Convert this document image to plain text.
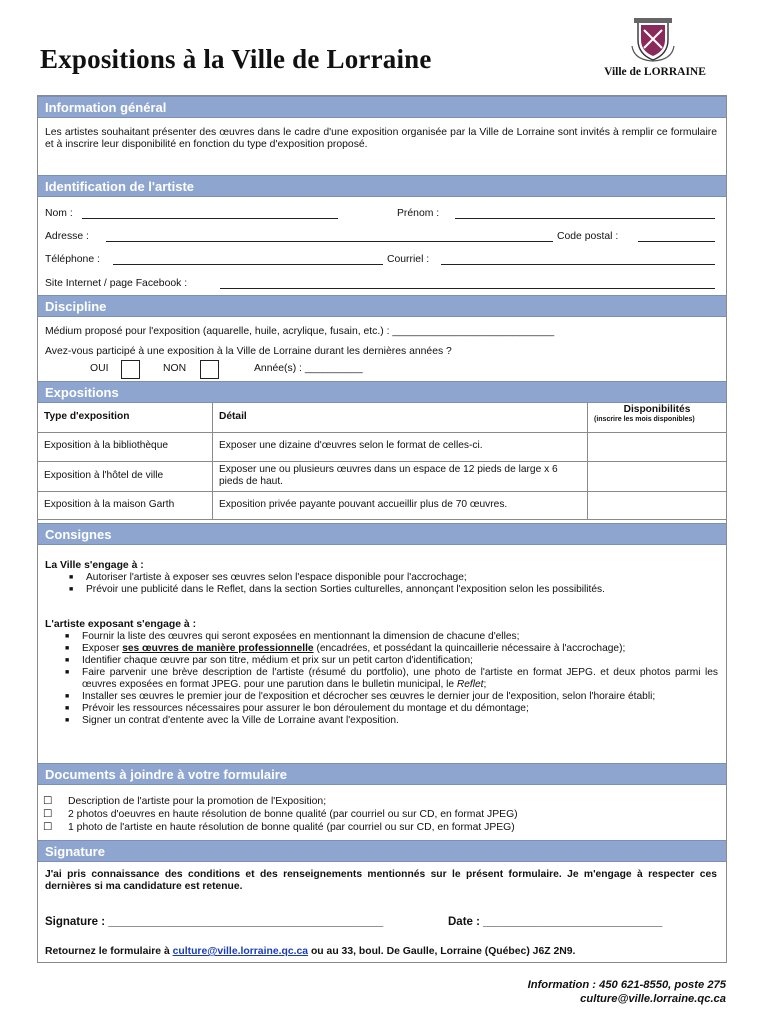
Expositions à la Ville de Lorraine	Ville de LORRAINE
Information général
Les artistes souhaitant présenter des œuvres dans le cadre d'une exposition organisée par la Ville de Lorraine sont invités à remplir ce formulaire et à inscrire leur disponibilité en fonction du type d'exposition proposé.
Identification de l'artiste
Nom :	Prénom :
Adresse :	Code postal :
Téléphone :	Courriel :
Site Internet / page Facebook :
Discipline
Médium proposé pour l'exposition (aquarelle, huile, acrylique, fusain, etc.) : ____________________________
Avez-vous participé à une exposition à la Ville de Lorraine durant les dernières années ?
OUI	NON	Année(s) : __________
Expositions
Type d'exposition	Détail	Disponibilités
(inscrire les mois disponibles)

Exposition à la bibliothèque	Exposer une dizaine d'œuvres selon le format de celles-ci.	
Exposition à l'hôtel de ville	Exposer une ou plusieurs œuvres dans un espace de 12 pieds de large x 6 pieds de haut.	
Exposition à la maison Garth	Exposition privée payante pouvant accueillir plus de 70 œuvres.	
Consignes
La Ville s'engage à :
■ Autoriser l'artiste à exposer ses œuvres selon l'espace disponible pour l'accrochage;
■ Prévoir une publicité dans le Reflet, dans la section Sorties culturelles, annonçant l'exposition selon les possibilités.
L'artiste exposant s'engage à :
■ Fournir la liste des œuvres qui seront exposées en mentionnant la dimension de chacune d'elles;
■ Exposer ses œuvres de manière professionnelle (encadrées, et possédant la quincaillerie nécessaire à l'accrochage);
■ Identifier chaque œuvre par son titre, médium et prix sur un petit carton d'identification;
■ Faire parvenir une brève description de l'artiste (résumé du portfolio), une photo de l'artiste en format JEPG. et deux photos parmi les œuvres exposées en format JPEG. pour une parution dans le bulletin municipal, le Reflet;
■ Installer ses œuvres le premier jour de l'exposition et décrocher ses œuvres le dernier jour de l'exposition, selon l'horaire établi;
■ Prévoir les ressources nécessaires pour assurer le bon déroulement du montage et du démontage;
■ Signer un contrat d'entente avec la Ville de Lorraine avant l'exposition.
Documents à joindre à votre formulaire
☐ Description de l'artiste pour la promotion de l'Exposition;
☐ 2 photos d'oeuvres en haute résolution de bonne qualité (par courriel ou sur CD, en format JPEG)
☐ 1 photo de l'artiste en haute résolution de bonne qualité (par courriel ou sur CD, en format JPEG)
Signature
J'ai pris connaissance des conditions et des renseignements mentionnés sur le présent formulaire. Je m'engage à respecter ces dernières si ma candidature est retenue.
Signature : ___________________________________________	Date : ____________________________
Retournez le formulaire à culture@ville.lorraine.qc.ca ou au 33, boul. De Gaulle, Lorraine (Québec) J6Z 2N9.
Information : 450 621-8550, poste 275
culture@ville.lorraine.qc.ca
